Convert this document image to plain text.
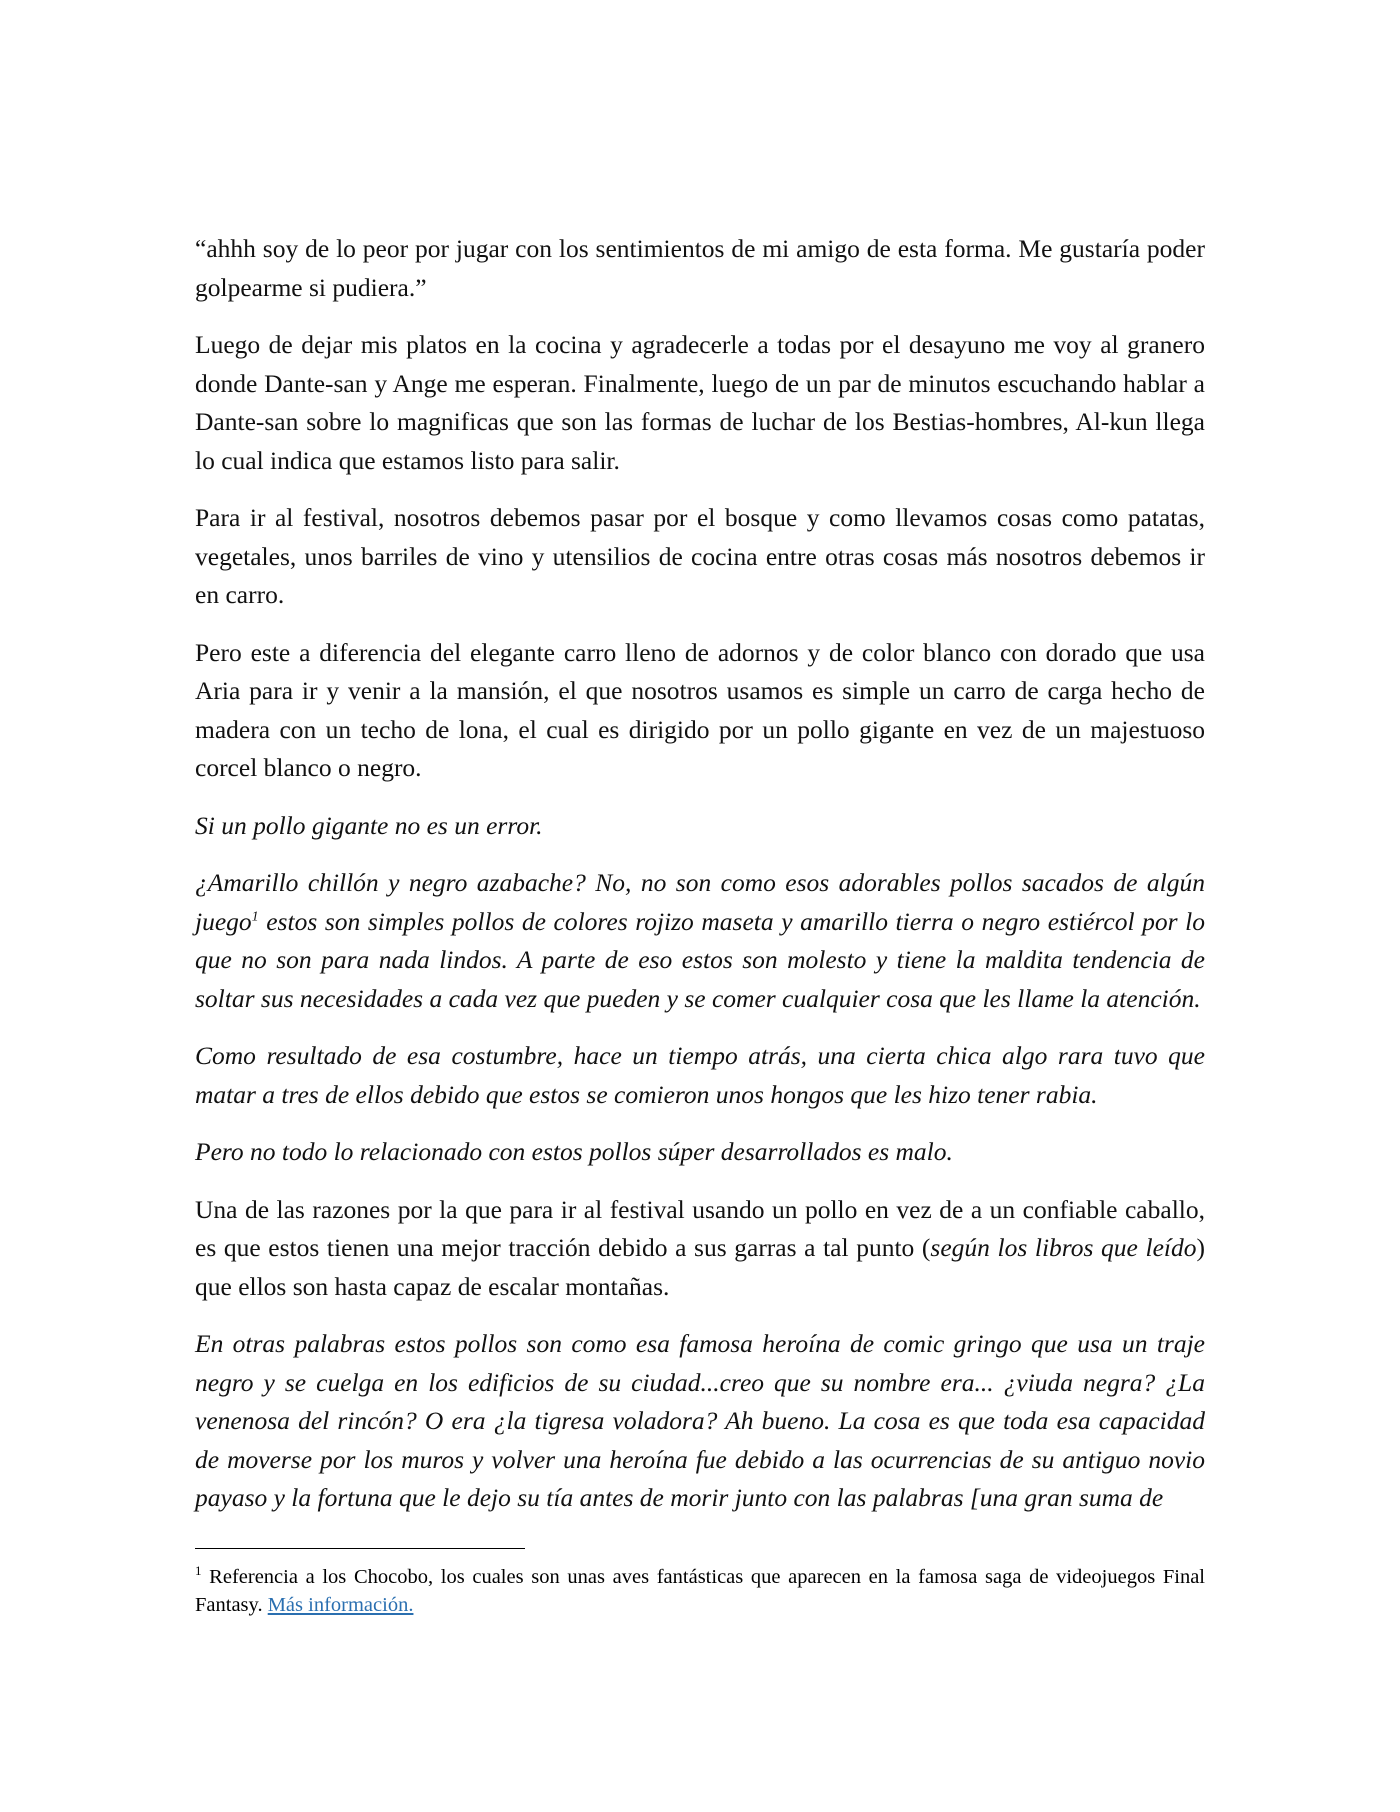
“ahhh soy de lo peor por jugar con los sentimientos de mi amigo de esta forma. Me gustaría poder golpearme si pudiera.”

Luego de dejar mis platos en la cocina y agradecerle a todas por el desayuno me voy al granero donde Dante-san y Ange me esperan. Finalmente, luego de un par de minutos escuchando hablar a Dante-san sobre lo magnificas que son las formas de luchar de los Bestias-hombres, Al-kun llega lo cual indica que estamos listo para salir.

Para ir al festival, nosotros debemos pasar por el bosque y como llevamos cosas como patatas, vegetales, unos barriles de vino y utensilios de cocina entre otras cosas más nosotros debemos ir en carro.

Pero este a diferencia del elegante carro lleno de adornos y de color blanco con dorado que usa Aria para ir y venir a la mansión, el que nosotros usamos es simple un carro de carga hecho de madera con un techo de lona, el cual es dirigido por un pollo gigante en vez de un majestuoso corcel blanco o negro.

Si un pollo gigante no es un error.

¿Amarillo chillón y negro azabache? No, no son como esos adorables pollos sacados de algún juego$^1$ estos son simples pollos de colores rojizo maseta y amarillo tierra o negro estiércol por lo que no son para nada lindos. A parte de eso estos son molesto y tiene la maldita tendencia de soltar sus necesidades a cada vez que pueden y se comer cualquier cosa que les llame la atención.

Como resultado de esa costumbre, hace un tiempo atrás, una cierta chica algo rara tuvo que matar a tres de ellos debido que estos se comieron unos hongos que les hizo tener rabia.

Pero no todo lo relacionado con estos pollos súper desarrollados es malo.

Una de las razones por la que para ir al festival usando un pollo en vez de a un confiable caballo, es que estos tienen una mejor tracción debido a sus garras a tal punto (según los libros que leído) que ellos son hasta capaz de escalar montañas.

En otras palabras estos pollos son como esa famosa heroína de comic gringo que usa un traje negro y se cuelga en los edificios de su ciudad...creo que su nombre era... ¿viuda negra? ¿La venenosa del rincón? O era ¿la tigresa voladora? Ah bueno. La cosa es que toda esa capacidad de moverse por los muros y volver una heroína fue debido a las ocurrencias de su antiguo novio payaso y la fortuna que le dejo su tía antes de morir junto con las palabras [una gran suma de

$^1$ Referencia a los Chocobo, los cuales son unas aves fantásticas que aparecen en la famosa saga de videojuegos Final Fantasy. Más información.
